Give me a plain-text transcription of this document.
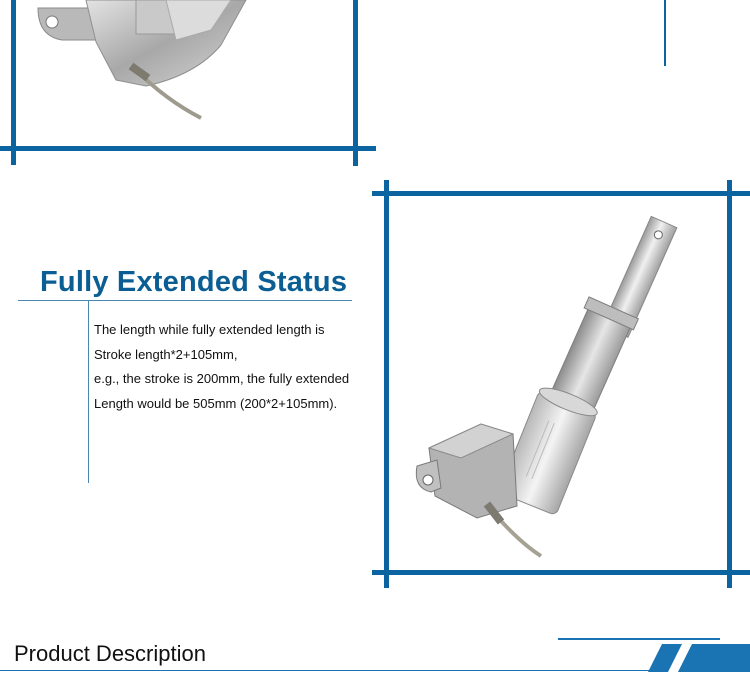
Fully Extended Status

The length while fully extended length is

Stroke length*2+105mm,

e.g., the stroke is 200mm, the fully extended

Length would be 505mm (200*2+105mm).

Product Description
